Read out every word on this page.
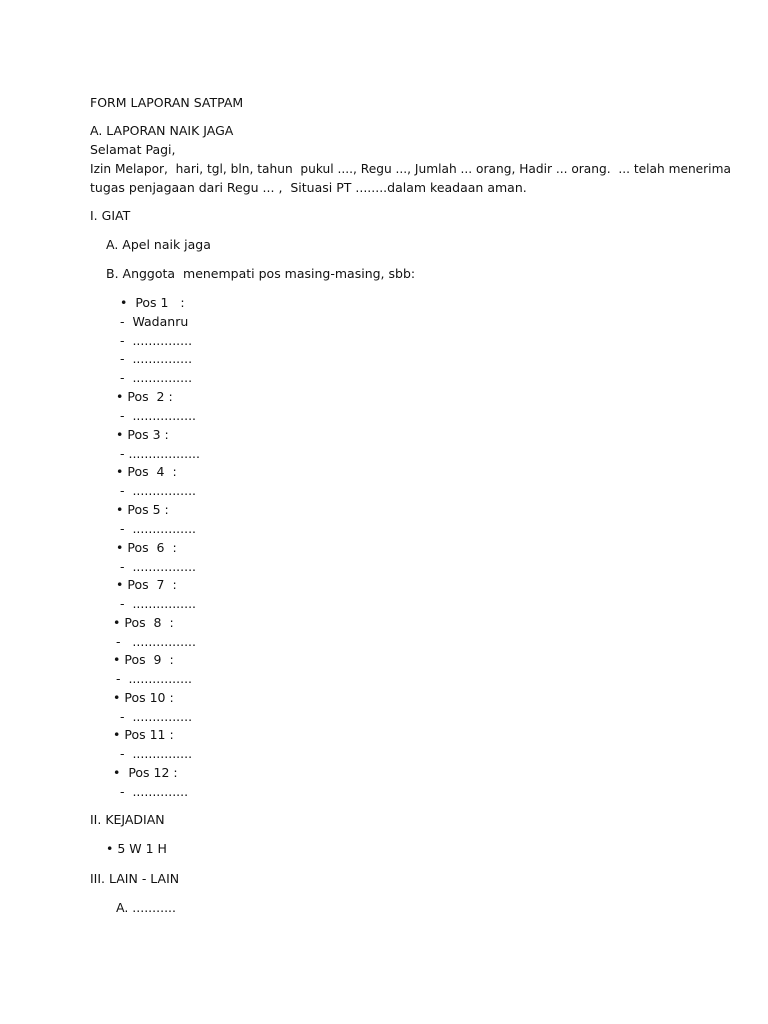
FORM LAPORAN SATPAM
A. LAPORAN NAIK JAGA
Selamat Pagi,
Izin Melapor,  hari, tgl, bln, tahun  pukul ...., Regu ..., Jumlah ... orang, Hadir ... orang.  ... telah menerima
tugas penjagaan dari Regu ... ,  Situasi PT ........dalam keadaan aman.
I. GIAT
A. Apel naik jaga
B. Anggota  menempati pos masing-masing, sbb:
•  Pos 1   :
-  Wadanru
-  ...............
-  ...............
-  ...............
• Pos  2 :
-  ................
• Pos 3 :
- ..................
• Pos  4  :
-  ................
• Pos 5 :
-  ................
• Pos  6  :
-  ................
• Pos  7  :
-  ................
• Pos  8  :
-   ................
• Pos  9  :
-  ................
• Pos 10 :
-  ...............
• Pos 11 :
-  ...............
•  Pos 12 :
-  ..............
II. KEJADIAN
• 5 W 1 H
III. LAIN - LAIN
A. ...........
